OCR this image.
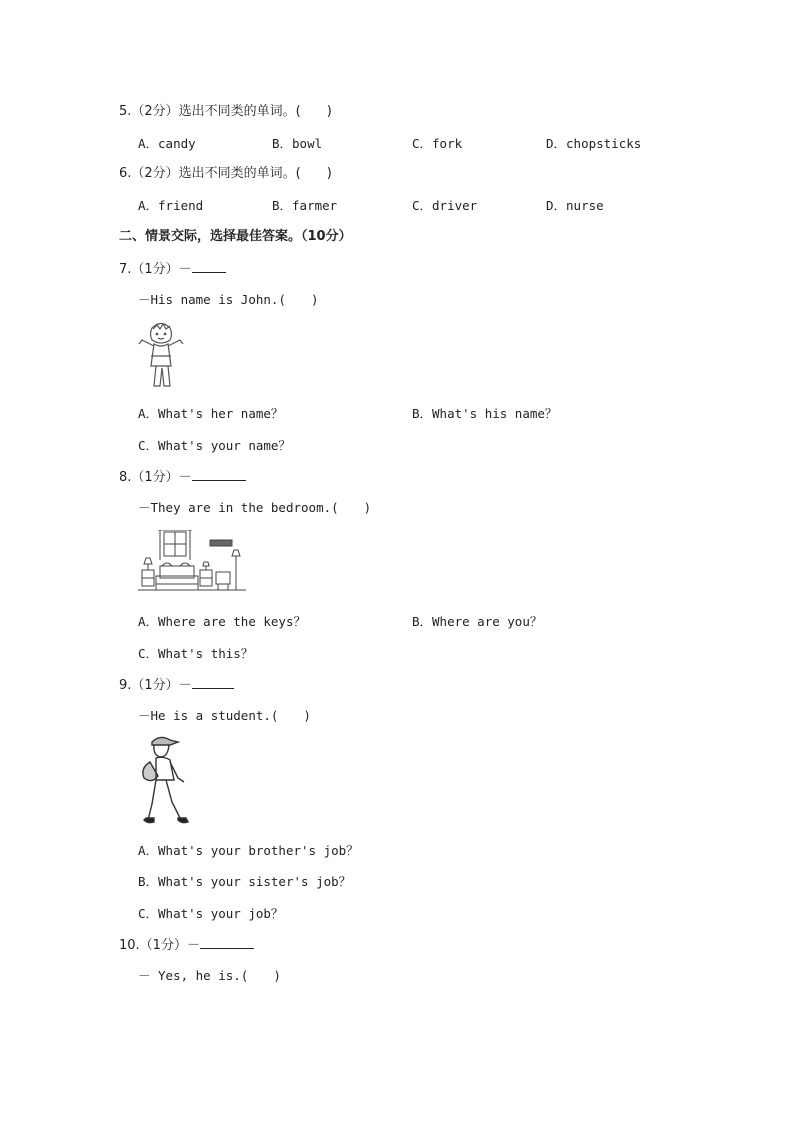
5.（2分）选出不同类的单词。(　　)
A．candy	B．bowl	C．fork	D．chopsticks
6.（2分）选出不同类的单词。(　　)
A．friend	B．farmer	C．driver	D．nurse
二、情景交际，选择最佳答案。（10分）
7.（1分）－
－His name is John.(　　)
A．What's her name？	B．What's his name？
C．What's your name？
8.（1分）－
－They are in the bedroom.(　　)
A．Where are the keys？	B．Where are you？
C．What's this？
9.（1分）－
－He is a student.(　　)
A．What's your brother's job？
B．What's your sister's job？
C．What's your job？
10.（1分）－
－ Yes, he is.(　　)
